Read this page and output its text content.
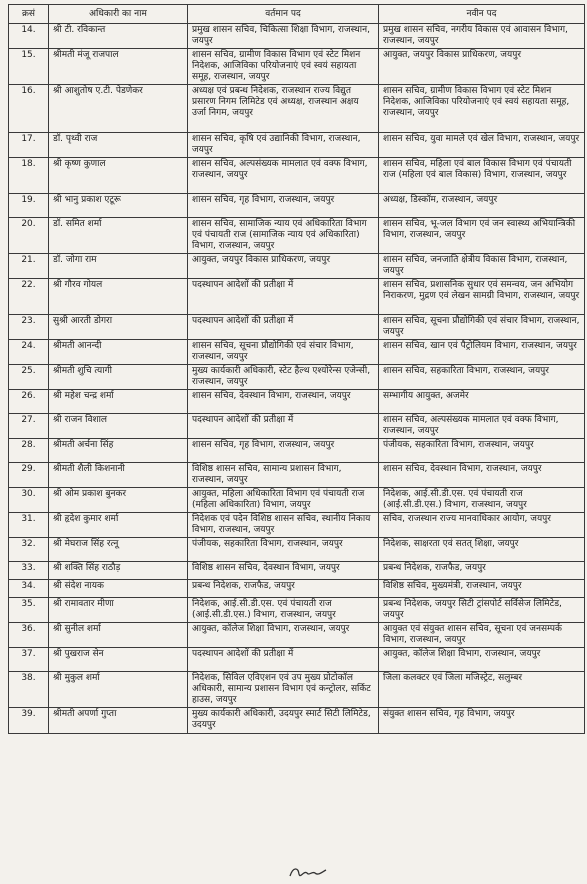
क्रसं	अधिकारी का नाम	वर्तमान पद	नवीन पद
14.	श्री टी. रविकान्त	प्रमुख शासन सचिव, चिकित्सा शिक्षा विभाग, राजस्थान, जयपुर	प्रमुख शासन सचिव, नगरीय विकास एवं आवासन विभाग, राजस्थान, जयपुर
15.	श्रीमती मंजू राजपाल	शासन सचिव, ग्रामीण विकास विभाग एवं स्टेट मिशन निदेशक, आजिविका परियोजनाएं एवं स्वयं सहायता समूह, राजस्थान, जयपुर	आयुक्त, जयपुर विकास प्राधिकरण, जयपुर
16.	श्री आशुतोष ए.टी. पेडणेकर	अध्यक्ष एवं प्रबन्ध निदेशक, राजस्थान राज्य विद्युत प्रसारण निगम लिमिटेड एवं अध्यक्ष, राजस्थान अक्षय उर्जा निगम, जयपुर	शासन सचिव, ग्रामीण विकास विभाग एवं स्टेट मिशन निदेशक, आजिविका परियोजनाएं एवं स्वयं सहायता समूह, राजस्थान, जयपुर
17.	डॉ. पृथ्वी राज	शासन सचिव, कृषि एवं उद्यानिकी विभाग, राजस्थान, जयपुर	शासन सचिव, युवा मामले एवं खेल विभाग, राजस्थान, जयपुर
18.	श्री कृष्ण कुणाल	शासन सचिव, अल्पसंख्यक मामलात एवं वक्फ विभाग, राजस्थान, जयपुर	शासन सचिव, महिला एवं बाल विकास विभाग एवं पंचायती राज (महिला एवं बाल विकास) विभाग, राजस्थान, जयपुर
19.	श्री भानु प्रकाश एटूरू	शासन सचिव, गृह विभाग, राजस्थान, जयपुर	अध्यक्ष, डिस्कॉम, राजस्थान, जयपुर
20.	डॉ. समित शर्मा	शासन सचिव, सामाजिक न्याय एवं अधिकारिता विभाग एवं पंचायती राज (सामाजिक न्याय एवं अधिकारिता) विभाग, राजस्थान, जयपुर	शासन सचिव, भू-जल विभाग एवं जन स्वास्थ्य अभियान्त्रिकी विभाग, राजस्थान, जयपुर
21.	डॉ. जोगा राम	आयुक्त, जयपुर विकास प्राधिकरण, जयपुर	शासन सचिव, जनजाति क्षेत्रीय विकास विभाग, राजस्थान, जयपुर
22.	श्री गौरव गोयल	पदस्थापन आदेशों की प्रतीक्षा में	शासन सचिव, प्रशासनिक सुधार एवं समन्वय, जन अभियोग निराकरण, मुद्रण एवं लेखन सामग्री विभाग, राजस्थान, जयपुर
23.	सुश्री आरती डोगरा	पदस्थापन आदेशों की प्रतीक्षा में	शासन सचिव, सूचना प्रौद्योगिकी एवं संचार विभाग, राजस्थान, जयपुर
24.	श्रीमती आनन्दी	शासन सचिव, सूचना प्रौद्योगिकी एवं संचार विभाग, राजस्थान, जयपुर	शासन सचिव, खान एवं पैट्रोलियम विभाग, राजस्थान, जयपुर
25.	श्रीमती शुचि त्यागी	मुख्य कार्यकारी अधिकारी, स्टेट हैल्थ एश्योरेन्स एजेन्सी, राजस्थान, जयपुर	शासन सचिव, सहकारिता विभाग, राजस्थान, जयपुर
26.	श्री महेश चन्द्र शर्मा	शासन सचिव, देवस्थान विभाग, राजस्थान, जयपुर	सम्भागीय आयुक्त, अजमेर
27.	श्री राजन विशाल	पदस्थापन आदेशों की प्रतीक्षा में	शासन सचिव, अल्पसंख्यक मामलात एवं वक्फ विभाग, राजस्थान, जयपुर
28.	श्रीमती अर्चना सिंह	शासन सचिव, गृह विभाग, राजस्थान, जयपुर	पंजीयक, सहकारिता विभाग, राजस्थान, जयपुर
29.	श्रीमती शैली किशनानी	विशिष्ठ शासन सचिव, सामान्य प्रशासन विभाग, राजस्थान, जयपुर	शासन सचिव, देवस्थान विभाग, राजस्थान, जयपुर
30.	श्री ओम प्रकाश बुनकर	आयुक्त, महिला अधिकारिता विभाग एवं पंचायती राज (महिला अधिकारिता) विभाग, जयपुर	निदेशक, आई.सी.डी.एस. एवं पंचायती राज (आई.सी.डी.एस.) विभाग, राजस्थान, जयपुर
31.	श्री हृदेश कुमार शर्मा	निदेशक एवं पदेन विशिष्ठ शासन सचिव, स्थानीय निकाय विभाग, राजस्थान, जयपुर	सचिव, राजस्थान राज्य मानवाधिकार आयोग, जयपुर
32.	श्री मेघराज सिंह रत्नू	पंजीयक, सहकारिता विभाग, राजस्थान, जयपुर	निदेशक, साक्षरता एवं सतत् शिक्षा, जयपुर
33.	श्री शक्ति सिंह राठौड़	विशिष्ठ शासन सचिव, देवस्थान विभाग, जयपुर	प्रबन्ध निदेशक, राजफैड, जयपुर
34.	श्री संदेश नायक	प्रबन्ध निदेशक, राजफैड, जयपुर	विशिष्ठ सचिव, मुख्यमंत्री, राजस्थान, जयपुर
35.	श्री रामावतार मीणा	निदेशक, आई.सी.डी.एस. एवं पंचायती राज (आई.सी.डी.एस.) विभाग, राजस्थान, जयपुर	प्रबन्ध निदेशक, जयपुर सिटी ट्रांसपोर्ट सर्विसेज लिमिटेड, जयपुर
36.	श्री सुनील शर्मा	आयुक्त, कॉलेज शिक्षा विभाग, राजस्थान, जयपुर	आयुक्त एवं संयुक्त शासन सचिव, सूचना एवं जनसम्पर्क विभाग, राजस्थान, जयपुर
37.	श्री पुखराज सेन	पदस्थापन आदेशों की प्रतीक्षा में	आयुक्त, कॉलेज शिक्षा विभाग, राजस्थान, जयपुर
38.	श्री मुकुल शर्मा	निदेशक, सिविल एविएशन एवं उप मुख्य प्रोटोकॉल अधिकारी, सामान्य प्रशासन विभाग एवं कन्ट्रोलर, सर्किट हाउस, जयपुर	जिला कलक्टर एवं जिला मजिस्ट्रेट, सलुम्बर
39.	श्रीमती अपर्णा गुप्ता	मुख्य कार्यकारी अधिकारी, उदयपुर स्मार्ट सिटी लिमिटेड, उदयपुर	संयुक्त शासन सचिव, गृह विभाग, जयपुर
